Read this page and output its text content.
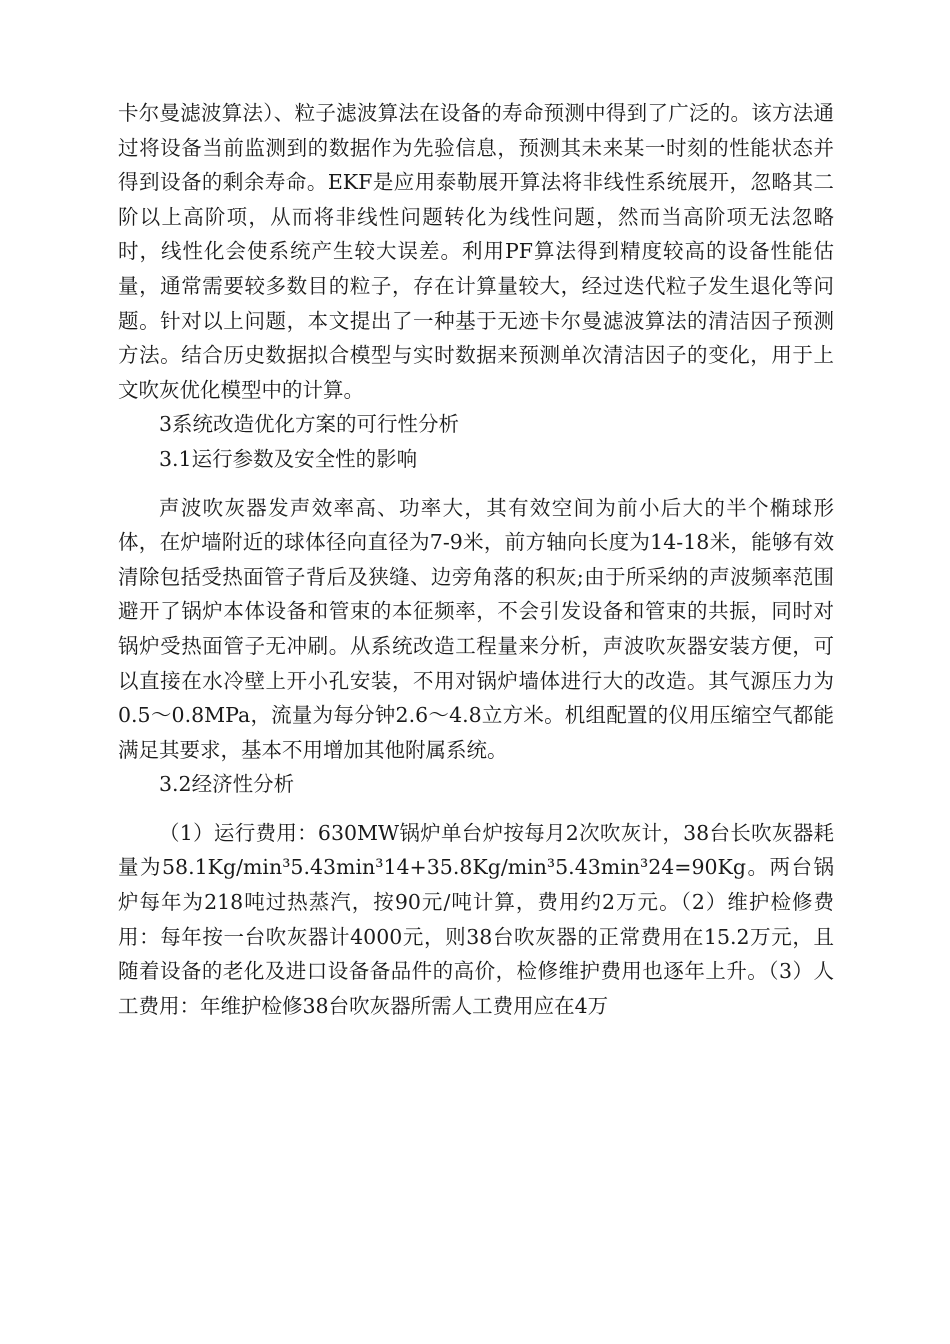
卡尔曼滤波算法）、粒子滤波算法在设备的寿命预测中得到了广泛的。该方法通过将设备当前监测到的数据作为先验信息，预测其未来某一时刻的性能状态并得到设备的剩余寿命。EKF是应用泰勒展开算法将非线性系统展开，忽略其二阶以上高阶项，从而将非线性问题转化为线性问题，然而当高阶项无法忽略时，线性化会使系统产生较大误差。利用PF算法得到精度较高的设备性能估量，通常需要较多数目的粒子，存在计算量较大，经过迭代粒子发生退化等问题。针对以上问题，本文提出了一种基于无迹卡尔曼滤波算法的清洁因子预测方法。结合历史数据拟合模型与实时数据来预测单次清洁因子的变化，用于上文吹灰优化模型中的计算。

3系统改造优化方案的可行性分析

3.1运行参数及安全性的影响

声波吹灰器发声效率高、功率大，其有效空间为前小后大的半个椭球形体，在炉墙附近的球体径向直径为7-9米，前方轴向长度为14-18米，能够有效清除包括受热面管子背后及狭缝、边旁角落的积灰;由于所采纳的声波频率范围避开了锅炉本体设备和管束的本征频率，不会引发设备和管束的共振，同时对锅炉受热面管子无冲刷。从系统改造工程量来分析，声波吹灰器安装方便，可以直接在水冷壁上开小孔安装，不用对锅炉墙体进行大的改造。其气源压力为0.5～0.8MPa，流量为每分钟2.6～4.8立方米。机组配置的仪用压缩空气都能满足其要求，基本不用增加其他附属系统。

3.2经济性分析

（1）运行费用：630MW锅炉单台炉按每月2次吹灰计，38台长吹灰器耗量为58.1Kg/min³5.43min³14+35.8Kg/min³5.43min³24=90Kg。两台锅炉每年为218吨过热蒸汽，按90元/吨计算，费用约2万元。（2）维护检修费用：每年按一台吹灰器计4000元，则38台吹灰器的正常费用在15.2万元，且随着设备的老化及进口设备备品件的高价，检修维护费用也逐年上升。（3）人工费用：年维护检修38台吹灰器所需人工费用应在4万
